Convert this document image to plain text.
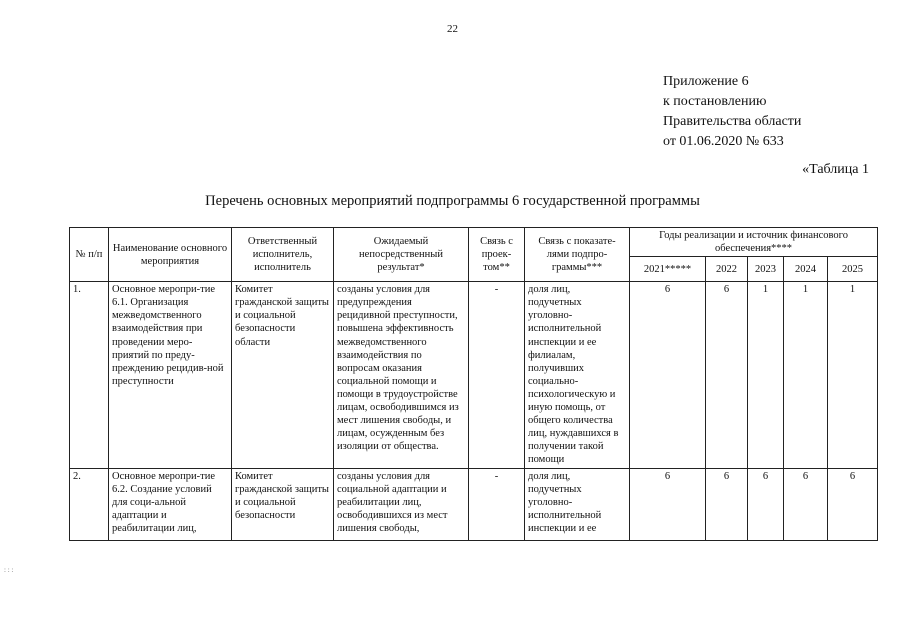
22
Приложение 6
к постановлению
Правительства области
от 01.06.2020 № 633
«Таблица 1
Перечень основных мероприятий подпрограммы 6 государственной программы
№ п/п	Наименование основного мероприятия	Ответственный исполнитель, исполнитель	Ожидаемый непосредственный результат*	Связь с проек-том**	Связь с показате-лями подпро-граммы***	Годы реализации и источник финансового обеспечения****				
						2021*****	2022	2023	2024	2025
1.	Основное меропри-тие 6.1. Организация межведомственного взаимодействия при проведении меро-приятий по преду-преждению рецидив-ной преступности	Комитет гражданской защиты и социальной безопасности области	созданы условия для предупреждения рецидивной преступности, повышена эффективность межведомственного взаимодействия по вопросам оказания социальной помощи и помощи в трудоустройстве лицам, освободившимся из мест лишения свободы, и лицам, осужденным без изоляции от общества.	-	доля лиц, подучетных уголовно-исполнительной инспекции и ее филиалам, получивших социально-психологическую и иную помощь, от общего количества лиц, нуждавшихся в получении такой помощи	6	6	1	1	1
2.	Основное меропри-тие 6.2. Создание условий для соци-альной адаптации и реабилитации лиц,	Комитет гражданской защиты и социальной безопасности	созданы условия для социальной адаптации и реабилитации лиц, освободившихся из мест лишения свободы,	-	доля лиц, подучетных уголовно-исполнительной инспекции и ее	6	6	6	6	6
: : :
